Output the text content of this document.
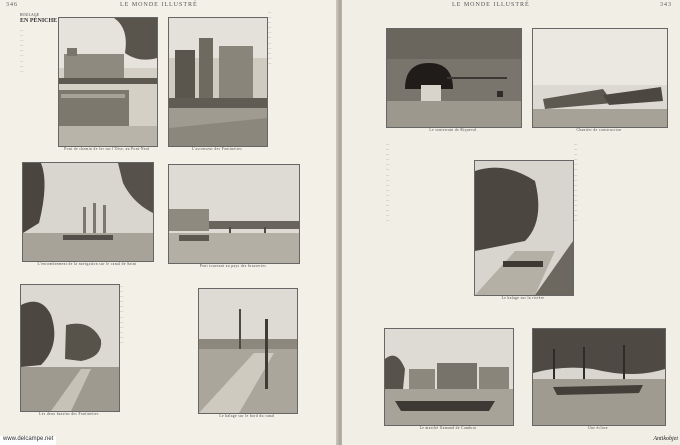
346	LE MONDE ILLUSTRÉ
ROULAGE
EN PÉNICHE

—

—

—

—

—

—

—

—

—

Pont de chemin de fer sur l'Oise, au Pont-Neuf	L'ascenseur des Fontinettes

—

—

—

—

—

—

—

—

—

—

—

L'encombrement de la navigation sur le canal de Saint	Pont tournant au pays des brasseries
Les deux bassins des Fontinettes

—

—

—

—

—

—

—

—

—

—

—

—

Le halage sur le bord du canal
LE MONDE ILLUSTRÉ	343
Le souterrain de Riqueval	Chantier de construction

—

—

—

—

—

—

—

—

—

—

—

—

—

—

—

—

Le halage sur la rivière

—

—

—

—

—

—

—

—

—

—

—

—

—

—

—

—

Le marché flamand de Cambrai	Une écluse
www.delcampe.net	Antikobjet
